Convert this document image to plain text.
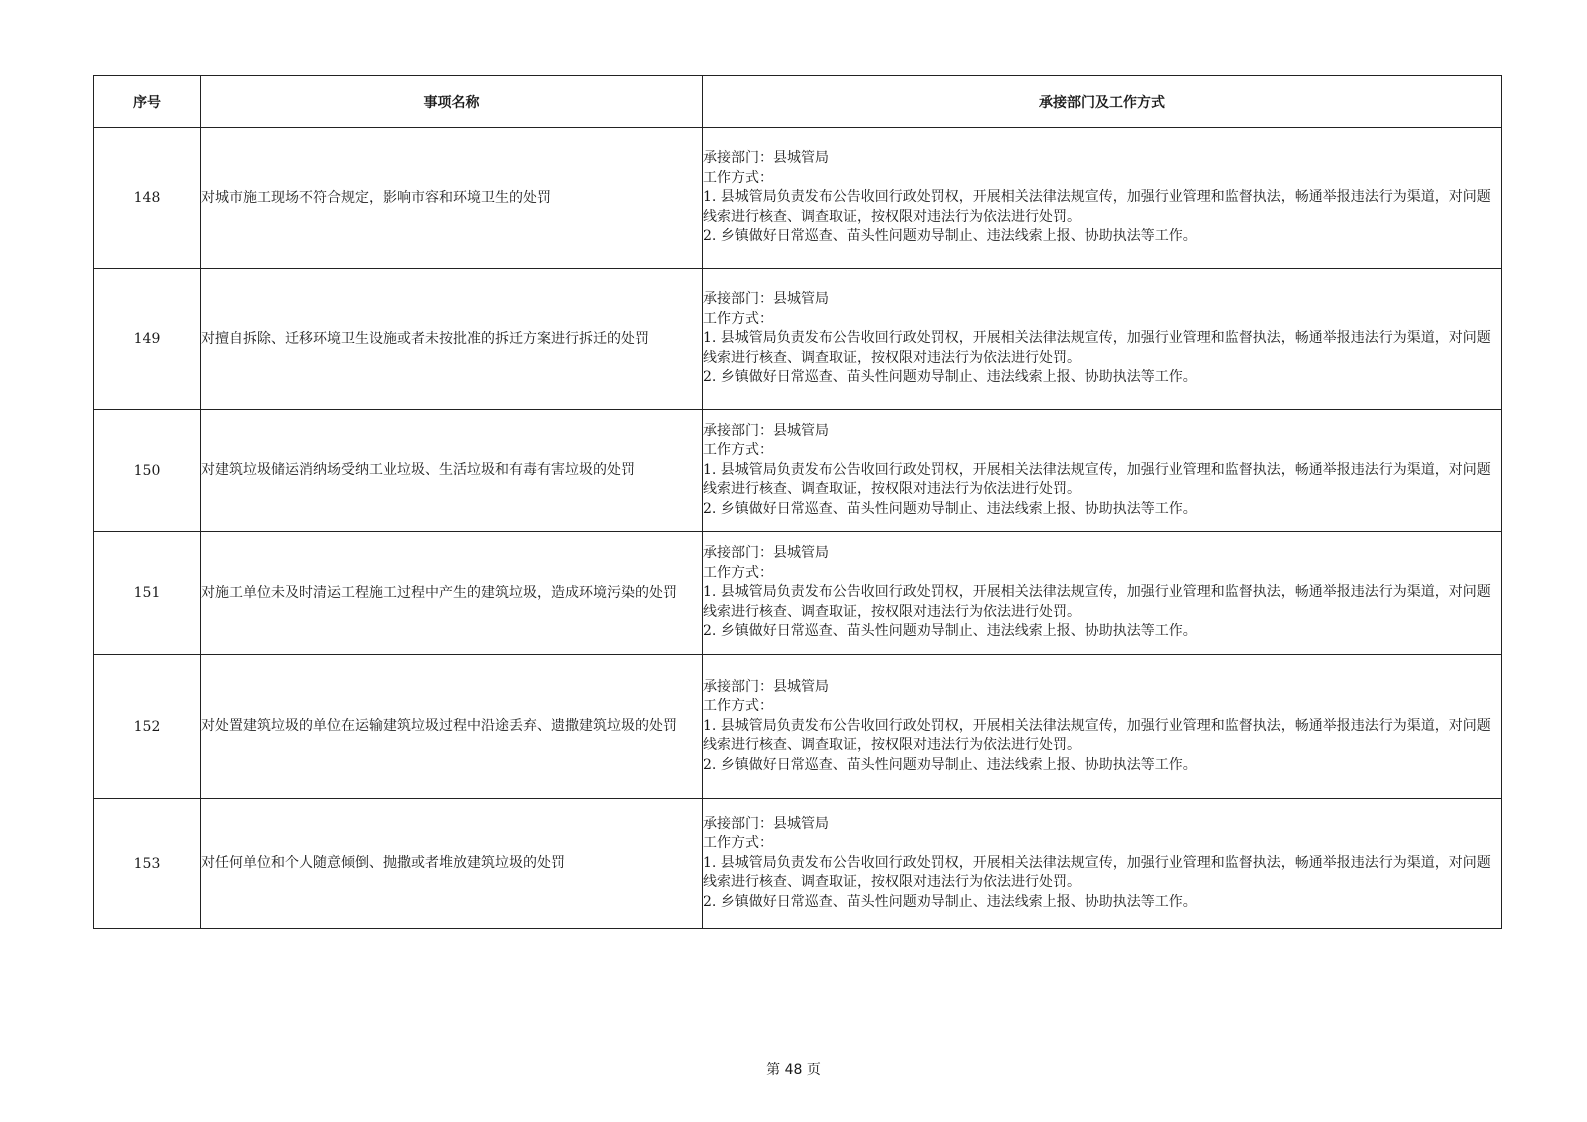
序号	事项名称	承接部门及工作方式
148	对城市施工现场不符合规定，影响市容和环境卫生的处罚	承接部门：县城管局
工作方式：
1. 县城管局负责发布公告收回行政处罚权，开展相关法律法规宣传，加强行业管理和监督执法，畅通举报违法行为渠道，对问题线索进行核查、调查取证，按权限对违法行为依法进行处罚。
2. 乡镇做好日常巡查、苗头性问题劝导制止、违法线索上报、协助执法等工作。

149	对擅自拆除、迁移环境卫生设施或者未按批准的拆迁方案进行拆迁的处罚	承接部门：县城管局
工作方式：
1. 县城管局负责发布公告收回行政处罚权，开展相关法律法规宣传，加强行业管理和监督执法，畅通举报违法行为渠道，对问题线索进行核查、调查取证，按权限对违法行为依法进行处罚。
2. 乡镇做好日常巡查、苗头性问题劝导制止、违法线索上报、协助执法等工作。

150	对建筑垃圾储运消纳场受纳工业垃圾、生活垃圾和有毒有害垃圾的处罚	承接部门：县城管局
工作方式：
1. 县城管局负责发布公告收回行政处罚权，开展相关法律法规宣传，加强行业管理和监督执法，畅通举报违法行为渠道，对问题线索进行核查、调查取证，按权限对违法行为依法进行处罚。
2. 乡镇做好日常巡查、苗头性问题劝导制止、违法线索上报、协助执法等工作。

151	对施工单位未及时清运工程施工过程中产生的建筑垃圾，造成环境污染的处罚	承接部门：县城管局
工作方式：
1. 县城管局负责发布公告收回行政处罚权，开展相关法律法规宣传，加强行业管理和监督执法，畅通举报违法行为渠道，对问题线索进行核查、调查取证，按权限对违法行为依法进行处罚。
2. 乡镇做好日常巡查、苗头性问题劝导制止、违法线索上报、协助执法等工作。

152	对处置建筑垃圾的单位在运输建筑垃圾过程中沿途丢弃、遗撒建筑垃圾的处罚	承接部门：县城管局
工作方式：
1. 县城管局负责发布公告收回行政处罚权，开展相关法律法规宣传，加强行业管理和监督执法，畅通举报违法行为渠道，对问题线索进行核查、调查取证，按权限对违法行为依法进行处罚。
2. 乡镇做好日常巡查、苗头性问题劝导制止、违法线索上报、协助执法等工作。

153	对任何单位和个人随意倾倒、抛撒或者堆放建筑垃圾的处罚	承接部门：县城管局
工作方式：
1. 县城管局负责发布公告收回行政处罚权，开展相关法律法规宣传，加强行业管理和监督执法，畅通举报违法行为渠道，对问题线索进行核查、调查取证，按权限对违法行为依法进行处罚。
2. 乡镇做好日常巡查、苗头性问题劝导制止、违法线索上报、协助执法等工作。
第 48 页
